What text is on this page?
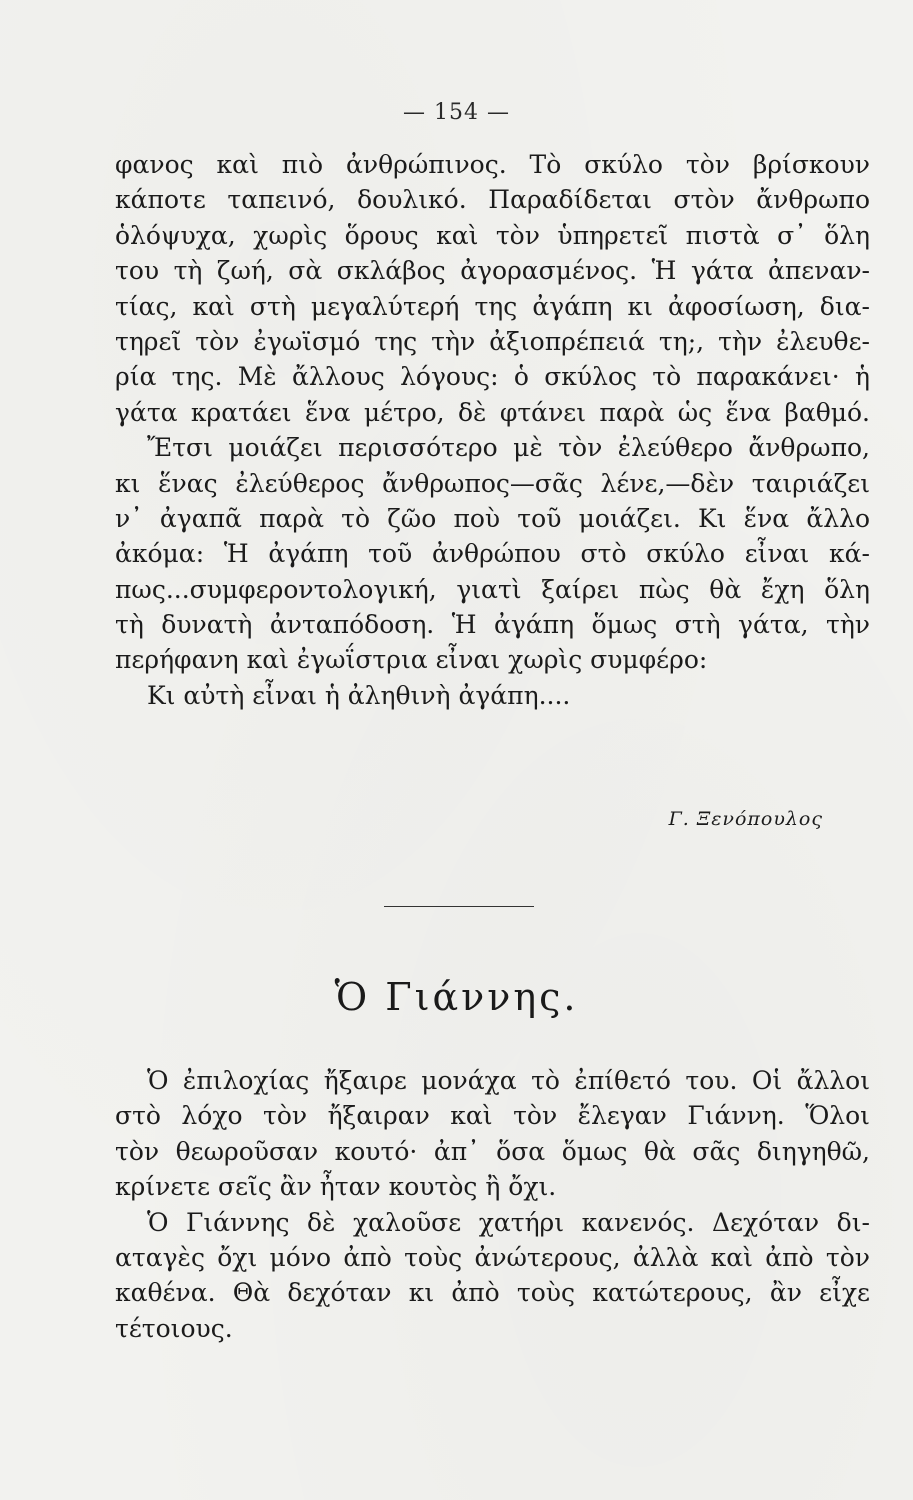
— 154 —
φανος καὶ πιὸ ἀνθρώπινος. Τὸ σκύλο τὸν βρίσκουν
κάποτε ταπεινό, δουλικό. Παραδίδεται στὸν ἄνθρωπο
ὁλόψυχα, χωρὶς ὅρους καὶ τὸν ὑπηρετεῖ πιστὰ σ᾿ ὅλη
του τὴ ζωή, σὰ σκλάβος ἀγορασμένος. Ἡ γάτα ἀπεναν-
τίας, καὶ στὴ μεγαλύτερή της ἀγάπη κι ἀφοσίωση, δια-
τηρεῖ τὸν ἐγωϊσμό της τὴν ἀξιοπρέπειά τη;, τὴν ἐλευθε-
ρία της. Μὲ ἄλλους λόγους: ὁ σκύλος τὸ παρακάνει· ἡ
γάτα κρατάει ἕνα μέτρο, δὲ φτάνει παρὰ ὡς ἕνα βαθμό.
Ἔτσι μοιάζει περισσότερο μὲ τὸν ἐλεύθερο ἄνθρωπο,
κι ἕνας ἐλεύθερος ἄνθρωπος—σᾶς λένε,—δὲν ταιριάζει
ν᾿ ἀγαπᾶ παρὰ τὸ ζῶο ποὺ τοῦ μοιάζει. Κι ἕνα ἄλλο
ἀκόμα: Ἡ ἀγάπη τοῦ ἀνθρώπου στὸ σκύλο εἶναι κά-
πως...συμφεροντολογική, γιατὶ ξαίρει πὼς θὰ ἔχη ὅλη
τὴ δυνατὴ ἀνταπόδοση. Ἡ ἀγάπη ὅμως στὴ γάτα, τὴν
περήφανη καὶ ἐγωΐστρια εἶναι χωρὶς συμφέρο:
Κι αὐτὴ εἶναι ἡ ἀληθινὴ ἀγάπη....
Γ. Ξενόπουλος
Ὁ Γιάννης.
Ὁ ἐπιλοχίας ἤξαιρε μονάχα τὸ ἐπίθετό του. Οἱ ἄλλοι
στὸ λόχο τὸν ἤξαιραν καὶ τὸν ἔλεγαν Γιάννη. Ὅλοι
τὸν θεωροῦσαν κουτό· ἀπ᾿ ὅσα ὅμως θὰ σᾶς διηγηθῶ,
κρίνετε σεῖς ἂν ἦταν κουτὸς ἢ ὄχι.
Ὁ Γιάννης δὲ χαλοῦσε χατήρι κανενός. Δεχόταν δι-
αταγὲς ὄχι μόνο ἀπὸ τοὺς ἀνώτερους, ἀλλὰ καὶ ἀπὸ τὸν
καθένα. Θὰ δεχόταν κι ἀπὸ τοὺς κατώτερους, ἂν εἶχε
τέτοιους.
